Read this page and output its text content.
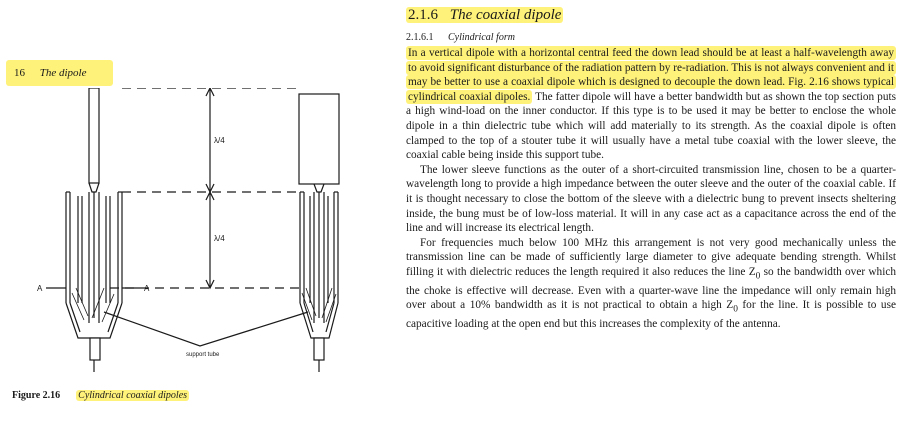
16 The dipole
λ/4
λ/4
A	A
support tube
Figure 2.16 Cylindrical coaxial dipoles
2.1.6 The coaxial dipole
2.1.6.1 Cylindrical form

In a vertical dipole with a horizontal central feed the down lead should be at least a half-wavelength away to avoid significant disturbance of the radiation pattern by re-radiation. This is not always convenient and it may be better to use a coaxial dipole which is designed to decouple the down lead. Fig. 2.16 shows typical cylindrical coaxial dipoles. The fatter dipole will have a better bandwidth but as shown the top section puts a high wind-load on the inner conductor. If this type is to be used it may be better to enclose the whole dipole in a thin dielectric tube which will add materially to its strength. As the coaxial dipole is often clamped to the top of a stouter tube it will usually have a metal tube coaxial with the lower sleeve, the coaxial cable being inside this support tube.

The lower sleeve functions as the outer of a short-circuited transmission line, chosen to be a quarter-wavelength long to provide a high impedance between the outer sleeve and the outer of the coaxial cable. If it is thought necessary to close the bottom of the sleeve with a dielectric bung to prevent insects sheltering inside, the bung must be of low-loss material. It will in any case act as a capacitance across the end of the line and will increase its electrical length.

For frequencies much below 100 MHz this arrangement is not very good mechanically unless the transmission line can be made of sufficiently large diameter to give adequate bending strength. Whilst filling it with dielectric reduces the length required it also reduces the line $Z_0$ so the bandwidth over which the choke is effective will decrease. Even with a quarter-wave line the impedance will only remain high over about a 10% bandwidth as it is not practical to obtain a high $Z_0$ for the line. It is possible to use capacitive loading at the open end but this increases the complexity of the antenna.
